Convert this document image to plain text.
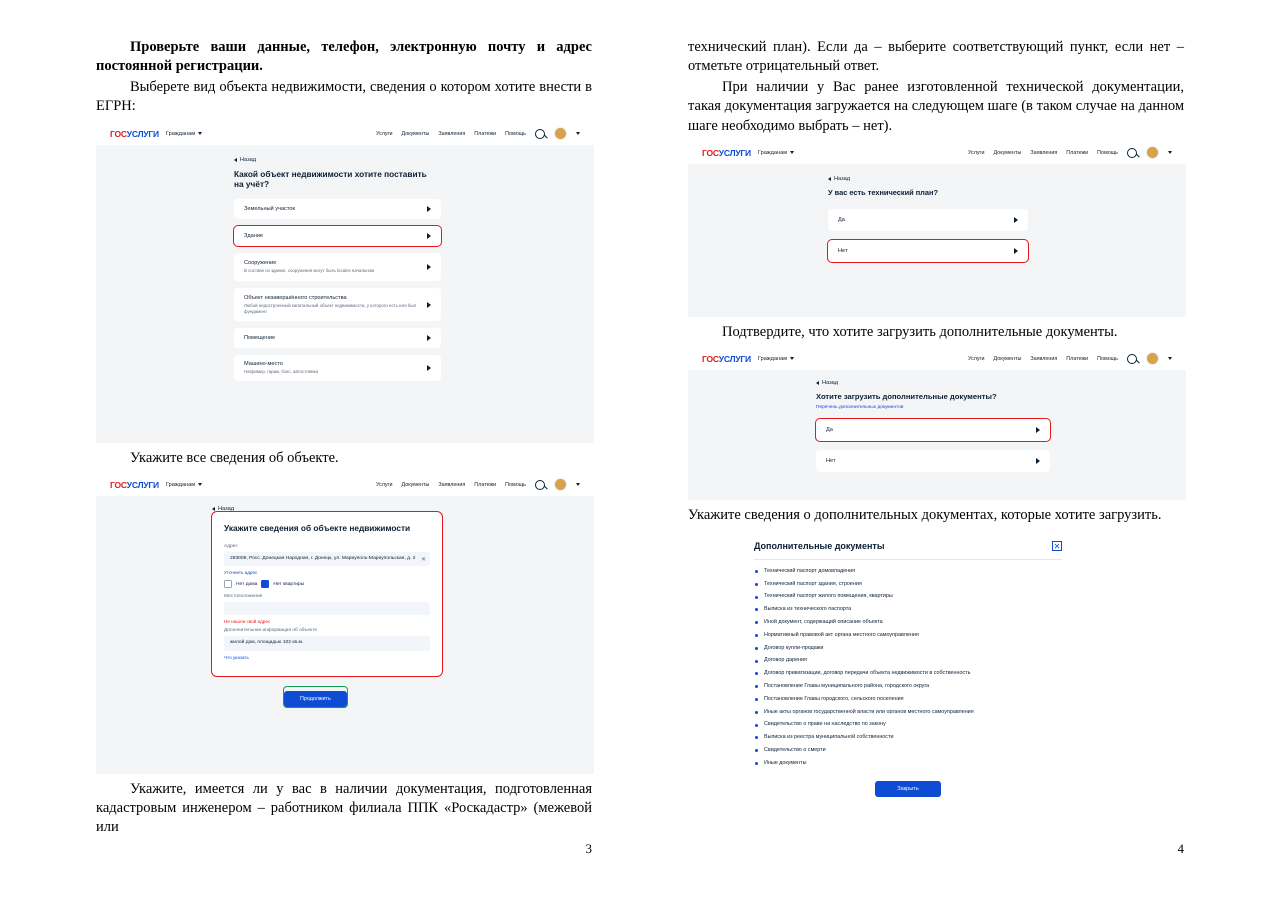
Проверьте ваши данные, телефон, электронную почту и адрес постоянной регистрации.

Выберете вид объекта недвижимости, сведения о котором хотите внести в ЕГРН:

ГОСУСЛУГИ Гражданам	Услуги Документы Заявления Платежи Помощь
Назад
Какой объект недвижимости хотите поставить на учёт?
Земельный участок
Здание
Сооружение
В составе из здание, сооружения могут быть locales начальном
Объект незавершённого строительства
Любой недостроенный капитальный объект недвижимости, у которого есть или был фундамент
Помещение
Машино-место
Например, гараж, бокс, автостоянка

Укажите все сведения об объекте.

ГОСУСЛУГИ Гражданам	Услуги Документы Заявления Платежи Помощь
Назад
Укажите сведения об объекте недвижимости
Адрес
283008, Росс. Донецкая Народная, г. Донецк, ул. Мариуполь-Мариупольская, д. 2 ✕
Уточнить адрес
Нет дома	Нет квартиры
Местоположение
Не нашли свой адрес
Дополнительная информация об объекте
жилой дом, площадью 102 кв.м.
Что указать
Продолжить

Укажите, имеется ли у вас в наличии документация, подготовленная кадастровым инженером – работником филиала ППК «Роскадастр» (межевой или

3

технический план). Если да – выберите соответствующий пункт, если нет – отметьте отрицательный ответ.

При наличии у Вас ранее изготовленной технической документации, такая документация загружается на следующем шаге (в таком случае на данном шаге необходимо выбрать – нет).

ГОСУСЛУГИ Гражданам	Услуги Документы Заявления Платежи Помощь
Назад
У вас есть технический план?
Да
Нет

Подтвердите, что хотите загрузить дополнительные документы.

ГОСУСЛУГИ Гражданам	Услуги Документы Заявления Платежи Помощь
Назад
Хотите загрузить дополнительные документы?
Перечень дополнительных документов
Да
Нет

Укажите сведения о дополнительных документах, которые хотите загрузить.

Дополнительные документы	✕
Технический паспорт домовладения
Технический паспорт здания, строения
Технический паспорт жилого помещения, квартиры
Выписка из технического паспорта
Иной документ, содержащий описание объекта
Нормативный правовой акт органа местного самоуправления
Договор купли-продажи
Договор дарения
Договор приватизации, договор передачи объекта недвижимости в собственность
Постановление Главы муниципального района, городского округа
Постановление Главы городского, сельского поселения
Иные акты органов государственной власти или органов местного самоуправления
Свидетельство о праве на наследство по закону
Выписка из реестра муниципальной собственности
Свидетельство о смерти
Иные документы
Закрыть
4
